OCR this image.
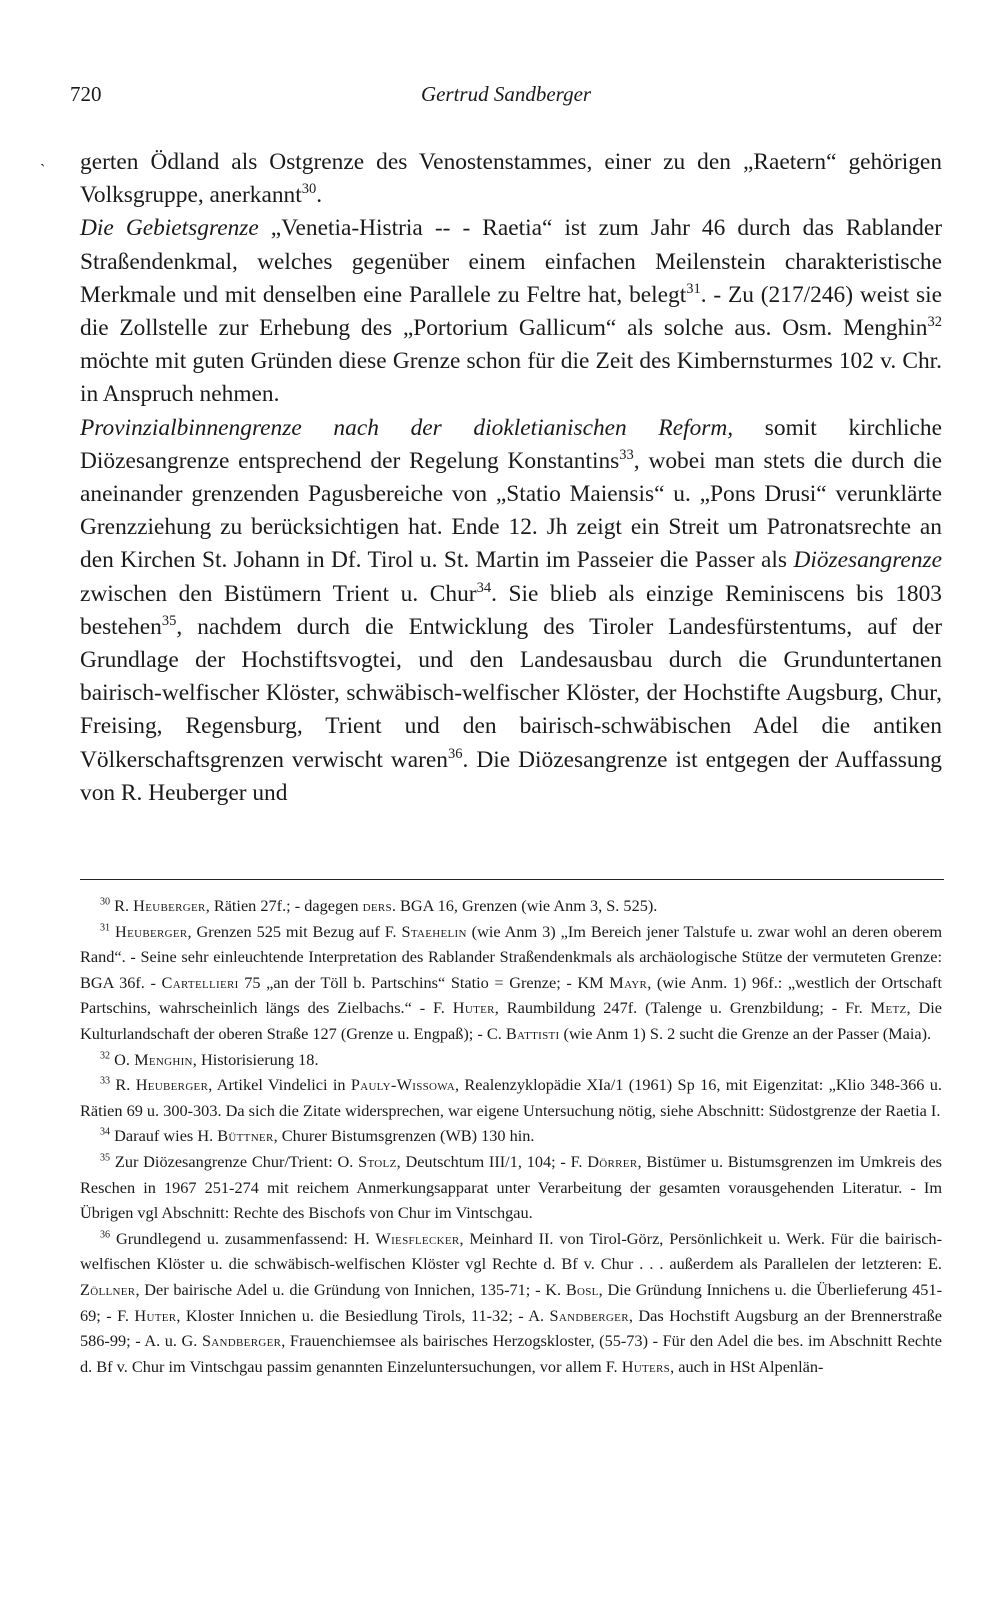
720	Gertrud Sandberger
ˎ gerten Ödland als Ostgrenze des Venostenstammes, einer zu den „Raetern“ gehörigen Volksgruppe, anerkannt$^{30}$.

Die Gebietsgrenze „Venetia-Histria -- - Raetia“ ist zum Jahr 46 durch das Rablander Straßendenkmal, welches gegenüber einem einfachen Meilenstein charakteristische Merkmale und mit denselben eine Parallele zu Feltre hat, belegt$^{31}$. - Zu (217/246) weist sie die Zollstelle zur Erhebung des „Portorium Gallicum“ als solche aus. Osm. Menghin$^{32}$ möchte mit guten Gründen diese Grenze schon für die Zeit des Kimbernsturmes 102 v. Chr. in Anspruch nehmen.

Provinzialbinnengrenze nach der diokletianischen Reform, somit kirchliche Diözesangrenze entsprechend der Regelung Konstantins$^{33}$, wobei man stets die durch die aneinander grenzenden Pagusbereiche von „Statio Maiensis“ u. „Pons Drusi“ verunklärte Grenzziehung zu berücksichtigen hat. Ende 12. Jh zeigt ein Streit um Patronatsrechte an den Kirchen St. Johann in Df. Tirol u. St. Martin im Passeier die Passer als Diözesangrenze zwischen den Bistümern Trient u. Chur$^{34}$. Sie blieb als einzige Reminiscens bis 1803 bestehen$^{35}$, nachdem durch die Entwicklung des Tiroler Landesfürstentums, auf der Grundlage der Hochstiftsvogtei, und den Landesausbau durch die Grunduntertanen bairisch-welfischer Klöster, schwäbisch-welfischer Klöster, der Hochstifte Augsburg, Chur, Freising, Regensburg, Trient und den bairisch-schwäbischen Adel die antiken Völkerschaftsgrenzen verwischt waren$^{36}$. Die Diözesangrenze ist entgegen der Auffassung von R. Heuberger und

$^{30}$ R. Heuberger, Rätien 27f.; - dagegen ders. BGA 16, Grenzen (wie Anm 3, S. 525).

$^{31}$ Heuberger, Grenzen 525 mit Bezug auf F. Staehelin (wie Anm 3) „Im Bereich jener Talstufe u. zwar wohl an deren oberem Rand“. - Seine sehr einleuchtende Interpretation des Rablander Straßendenkmals als archäologische Stütze der vermuteten Grenze: BGA 36f. - Cartellieri 75 „an der Töll b. Partschins“ Statio = Grenze; - KM Mayr, (wie Anm. 1) 96f.: „westlich der Ortschaft Partschins, wahrscheinlich längs des Zielbachs.“ - F. Huter, Raumbildung 247f. (Talenge u. Grenzbildung; - Fr. Metz, Die Kulturlandschaft der oberen Straße 127 (Grenze u. Engpaß); - C. Battisti (wie Anm 1) S. 2 sucht die Grenze an der Passer (Maia).

$^{32}$ O. Menghin, Historisierung 18.

$^{33}$ R. Heuberger, Artikel Vindelici in Pauly-Wissowa, Realenzyklopädie XIa/1 (1961) Sp 16, mit Eigenzitat: „Klio 348-366 u. Rätien 69 u. 300-303. Da sich die Zitate widersprechen, war eigene Untersuchung nötig, siehe Abschnitt: Südostgrenze der Raetia I.

$^{34}$ Darauf wies H. Büttner, Churer Bistumsgrenzen (WB) 130 hin.

$^{35}$ Zur Diözesangrenze Chur/Trient: O. Stolz, Deutschtum III/1, 104; - F. Dörrer, Bistümer u. Bistumsgrenzen im Umkreis des Reschen in 1967 251-274 mit reichem Anmerkungsapparat unter Verarbeitung der gesamten vorausgehenden Literatur. - Im Übrigen vgl Abschnitt: Rechte des Bischofs von Chur im Vintschgau.

$^{36}$ Grundlegend u. zusammenfassend: H. Wiesflecker, Meinhard II. von Tirol-Görz, Persönlichkeit u. Werk. Für die bairisch-welfischen Klöster u. die schwäbisch-welfischen Klöster vgl Rechte d. Bf v. Chur . . . außerdem als Parallelen der letzteren: E. Zöllner, Der bairische Adel u. die Gründung von Innichen, 135-71; - K. Bosl, Die Gründung Innichens u. die Überlieferung 451-69; - F. Huter, Kloster Innichen u. die Besiedlung Tirols, 11-32; - A. Sandberger, Das Hochstift Augsburg an der Brennerstraße 586-99; - A. u. G. Sandberger, Frauenchiemsee als bairisches Herzogskloster, (55-73) - Für den Adel die bes. im Abschnitt Rechte d. Bf v. Chur im Vintschgau passim genannten Einzeluntersuchungen, vor allem F. Huters, auch in HSt Alpenlän-
